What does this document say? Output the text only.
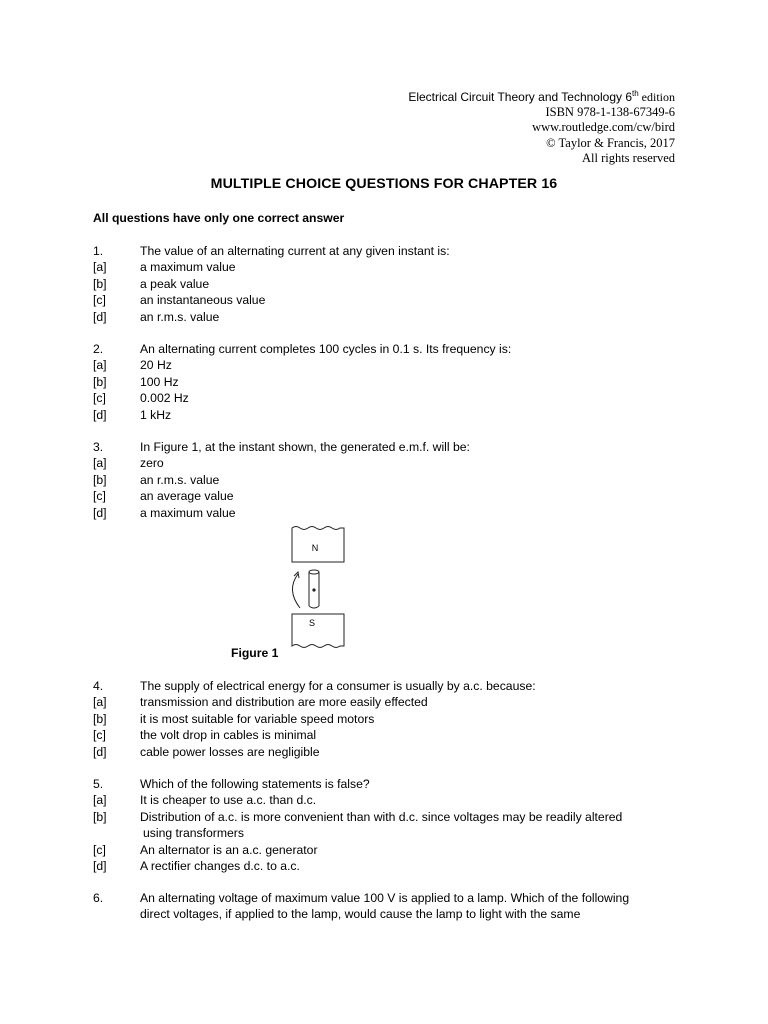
Electrical Circuit Theory and Technology 6th edition
ISBN 978-1-138-67349-6
www.routledge.com/cw/bird
© Taylor & Francis, 2017
All rights reserved
MULTIPLE CHOICE QUESTIONS FOR CHAPTER 16
All questions have only one correct answer
1.	The value of an alternating current at any given instant is:
[a]	a maximum value
[b]	a peak value
[c]	an instantaneous value
[d]	an r.m.s. value
2.	An alternating current completes 100 cycles in 0.1 s. Its frequency is:
[a]	20 Hz
[b]	100 Hz
[c]	0.002 Hz
[d]	1 kHz
3.	In Figure 1, at the instant shown, the generated e.m.f. will be:
[a]	zero
[b]	an r.m.s. value
[c]	an average value
[d]	a maximum value
N
S
Figure 1
4.	The supply of electrical energy for a consumer is usually by a.c. because:
[a]	transmission and distribution are more easily effected
[b]	it is most suitable for variable speed motors
[c]	the volt drop in cables is minimal
[d]	cable power losses are negligible
5.	Which of the following statements is false?
[a]	It is cheaper to use a.c. than d.c.
[b]	Distribution of a.c. is more convenient than with d.c. since voltages may be readily altered
using transformers
[c]	An alternator is an a.c. generator
[d]	A rectifier changes d.c. to a.c.
6.	An alternating voltage of maximum value 100 V is applied to a lamp. Which of the following
direct voltages, if applied to the lamp, would cause the lamp to light with the same
